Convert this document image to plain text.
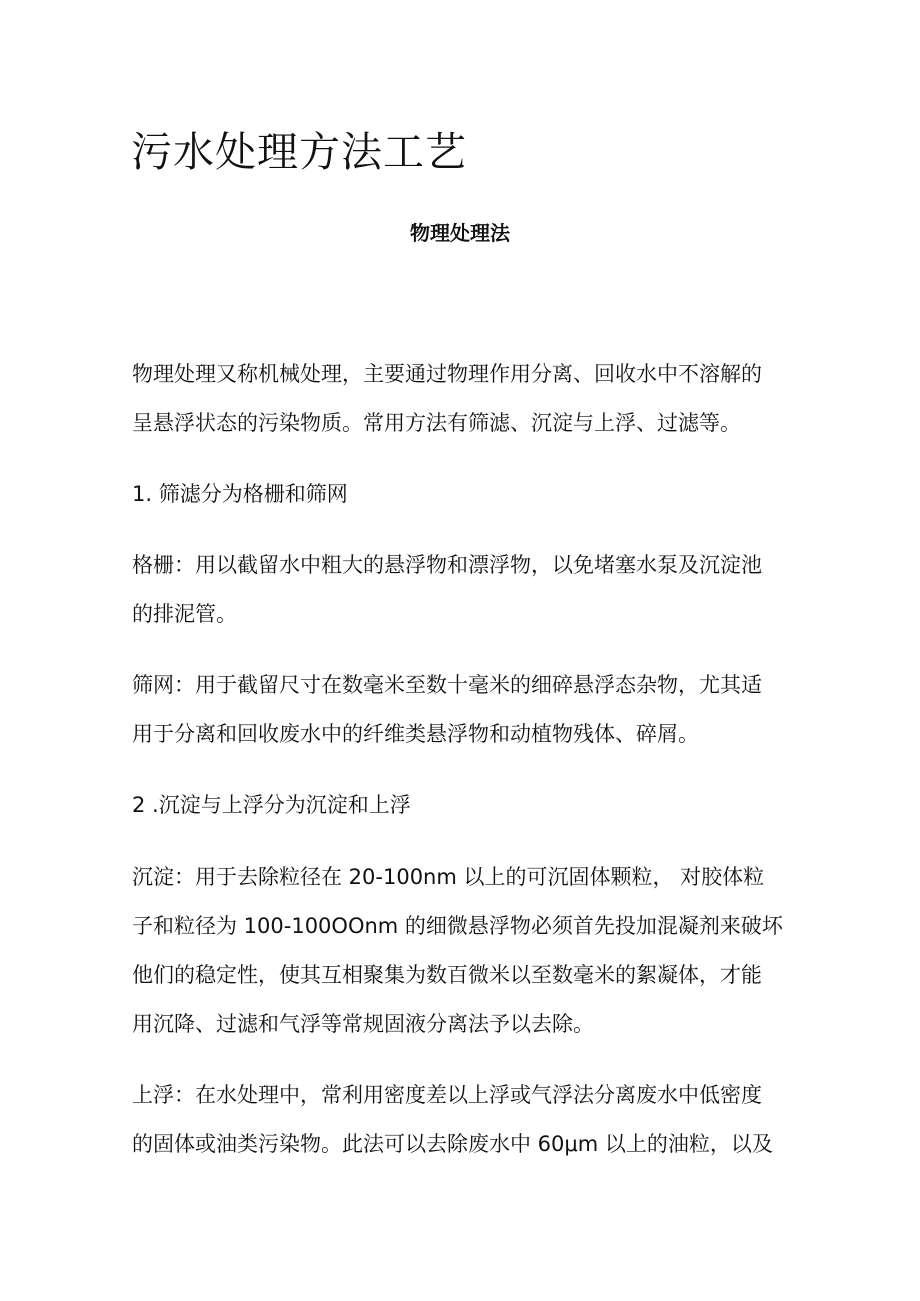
污水处理方法工艺
物理处理法

物理处理又称机械处理，主要通过物理作用分离、回收水中不溶解的

呈悬浮状态的污染物质。常用方法有筛滤、沉淀与上浮、过滤等。

1. 筛滤分为格栅和筛网

格栅：用以截留水中粗大的悬浮物和漂浮物，以免堵塞水泵及沉淀池

的排泥管。

筛网：用于截留尺寸在数毫米至数十毫米的细碎悬浮态杂物，尤其适

用于分离和回收废水中的纤维类悬浮物和动植物残体、碎屑。

2 .沉淀与上浮分为沉淀和上浮

沉淀：用于去除粒径在 20-100nm 以上的可沉固体颗粒， 对胶体粒

子和粒径为 100-100OOnm 的细微悬浮物必须首先投加混凝剂来破坏

他们的稳定性，使其互相聚集为数百微米以至数毫米的絮凝体，才能

用沉降、过滤和气浮等常规固液分离法予以去除。

上浮：在水处理中，常利用密度差以上浮或气浮法分离废水中低密度

的固体或油类污染物。此法可以去除废水中 60μm 以上的油粒，以及
